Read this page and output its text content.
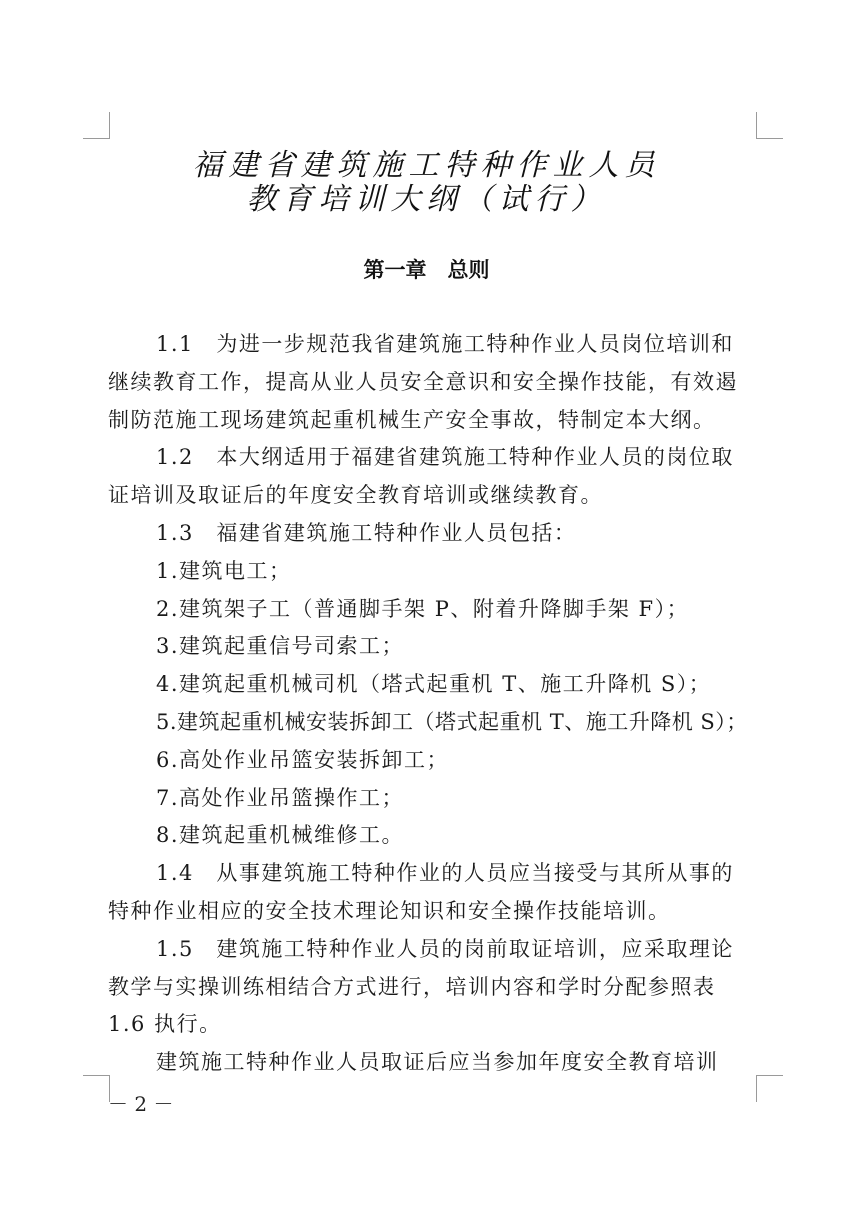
福建省建筑施工特种作业人员
教育培训大纲（试行）
第一章　总则
1.1　为进一步规范我省建筑施工特种作业人员岗位培训和
继续教育工作，提高从业人员安全意识和安全操作技能，有效遏
制防范施工现场建筑起重机械生产安全事故，特制定本大纲。
1.2　本大纲适用于福建省建筑施工特种作业人员的岗位取
证培训及取证后的年度安全教育培训或继续教育。
1.3　福建省建筑施工特种作业人员包括：
1.建筑电工；
2.建筑架子工（普通脚手架 P、附着升降脚手架 F）；
3.建筑起重信号司索工；
4.建筑起重机械司机（塔式起重机 T、施工升降机 S）；
5.建筑起重机械安装拆卸工（塔式起重机 T、施工升降机 S）；
6.高处作业吊篮安装拆卸工；
7.高处作业吊篮操作工；
8.建筑起重机械维修工。
1.4　从事建筑施工特种作业的人员应当接受与其所从事的
特种作业相应的安全技术理论知识和安全操作技能培训。
1.5　建筑施工特种作业人员的岗前取证培训，应采取理论
教学与实操训练相结合方式进行，培训内容和学时分配参照表
1.6 执行。
建筑施工特种作业人员取证后应当参加年度安全教育培训
－ 2 －
